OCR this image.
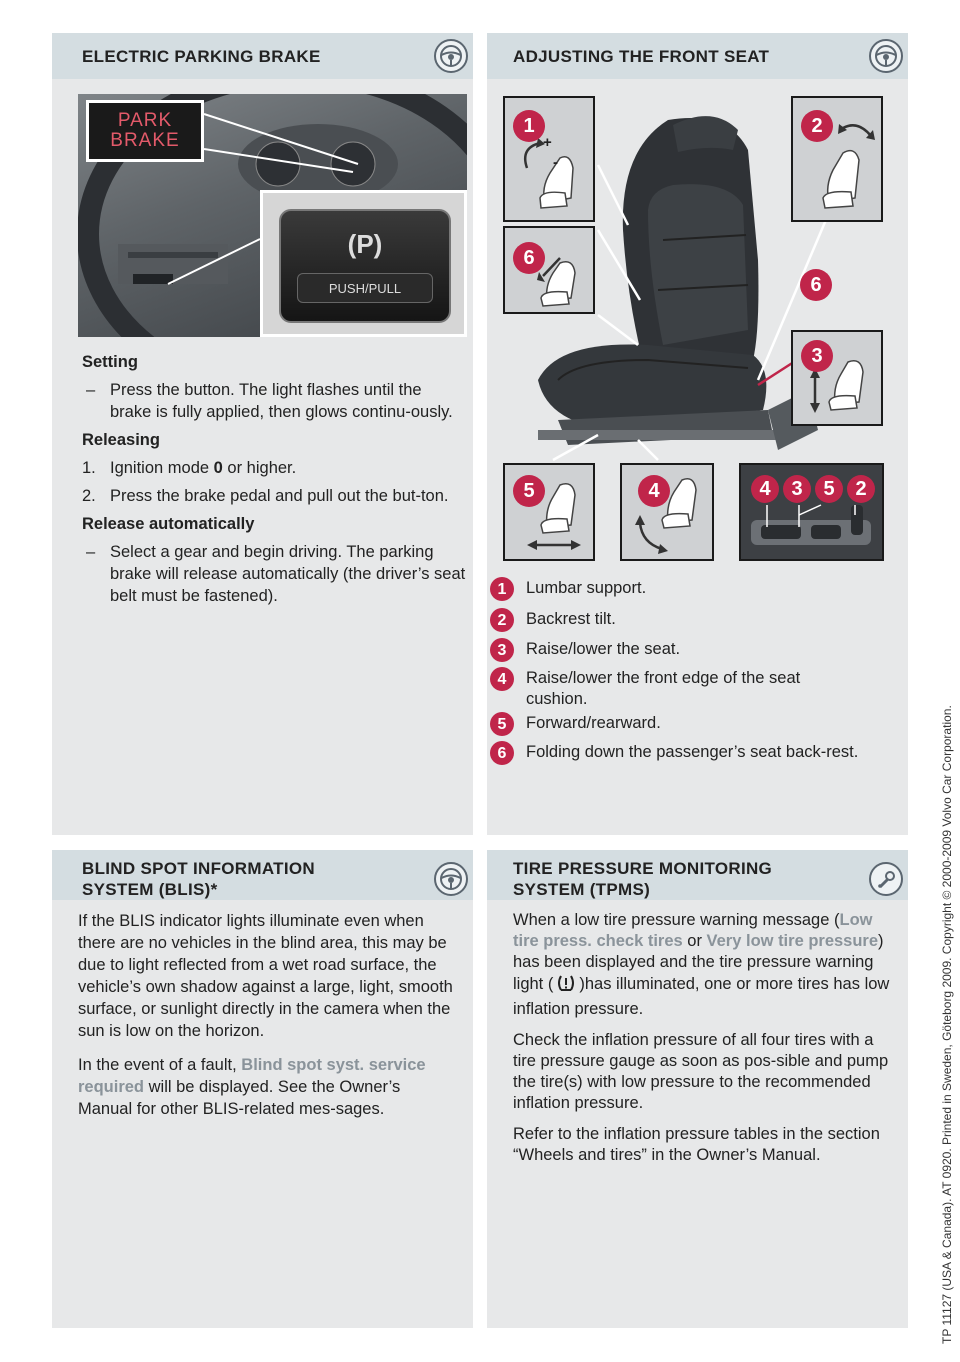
ELECTRIC PARKING BRAKE
PARK
BRAKE
(P)
PUSH/PULL
Setting
– Press the button. The light flashes until the brake is fully applied, then glows continu-ously.
Releasing
1. Ignition mode 0 or higher.
2. Press the brake pedal and pull out the but-ton.
Release automatically
– Select a gear and begin driving. The parking brake will release automatically (the driver’s seat belt must be fastened).
ADJUSTING THE FRONT SEAT
+
-
1	2
6
6
3
5	4	4	3	5	2
1	Lumbar support.
2	Backrest tilt.
3	Raise/lower the seat.
4	Raise/lower the front edge of the seat cushion.
5	Forward/rearward.
6	Folding down the passenger’s seat back-rest.
BLIND SPOT INFORMATION
SYSTEM (BLIS)*

If the BLIS indicator lights illuminate even when there are no vehicles in the blind area, this may be due to light reflected from a wet road surface, the vehicle’s own shadow against a large, light, smooth surface, or sunlight directly in the camera when the sun is low on the horizon.

In the event of a fault, Blind spot syst. service required will be displayed. See the Owner’s Manual for other BLIS-related mes-sages.

TIRE PRESSURE MONITORING
SYSTEM (TPMS)

When a low tire pressure warning message (Low tire press. check tires or Very low tire pressure) has been displayed and the tire pressure warning light ( )has illuminated, one or more tires has low inflation pressure.

Check the inflation pressure of all four tires with a tire pressure gauge as soon as pos-sible and pump the tire(s) with low pressure to the recommended inflation pressure.

Refer to the inflation pressure tables in the section “Wheels and tires” in the Owner’s Manual.	TP 11127 (USA & Canada). AT 0920. Printed in Sweden, Göteborg 2009. Copyright © 2000-2009 Volvo Car Corporation.
